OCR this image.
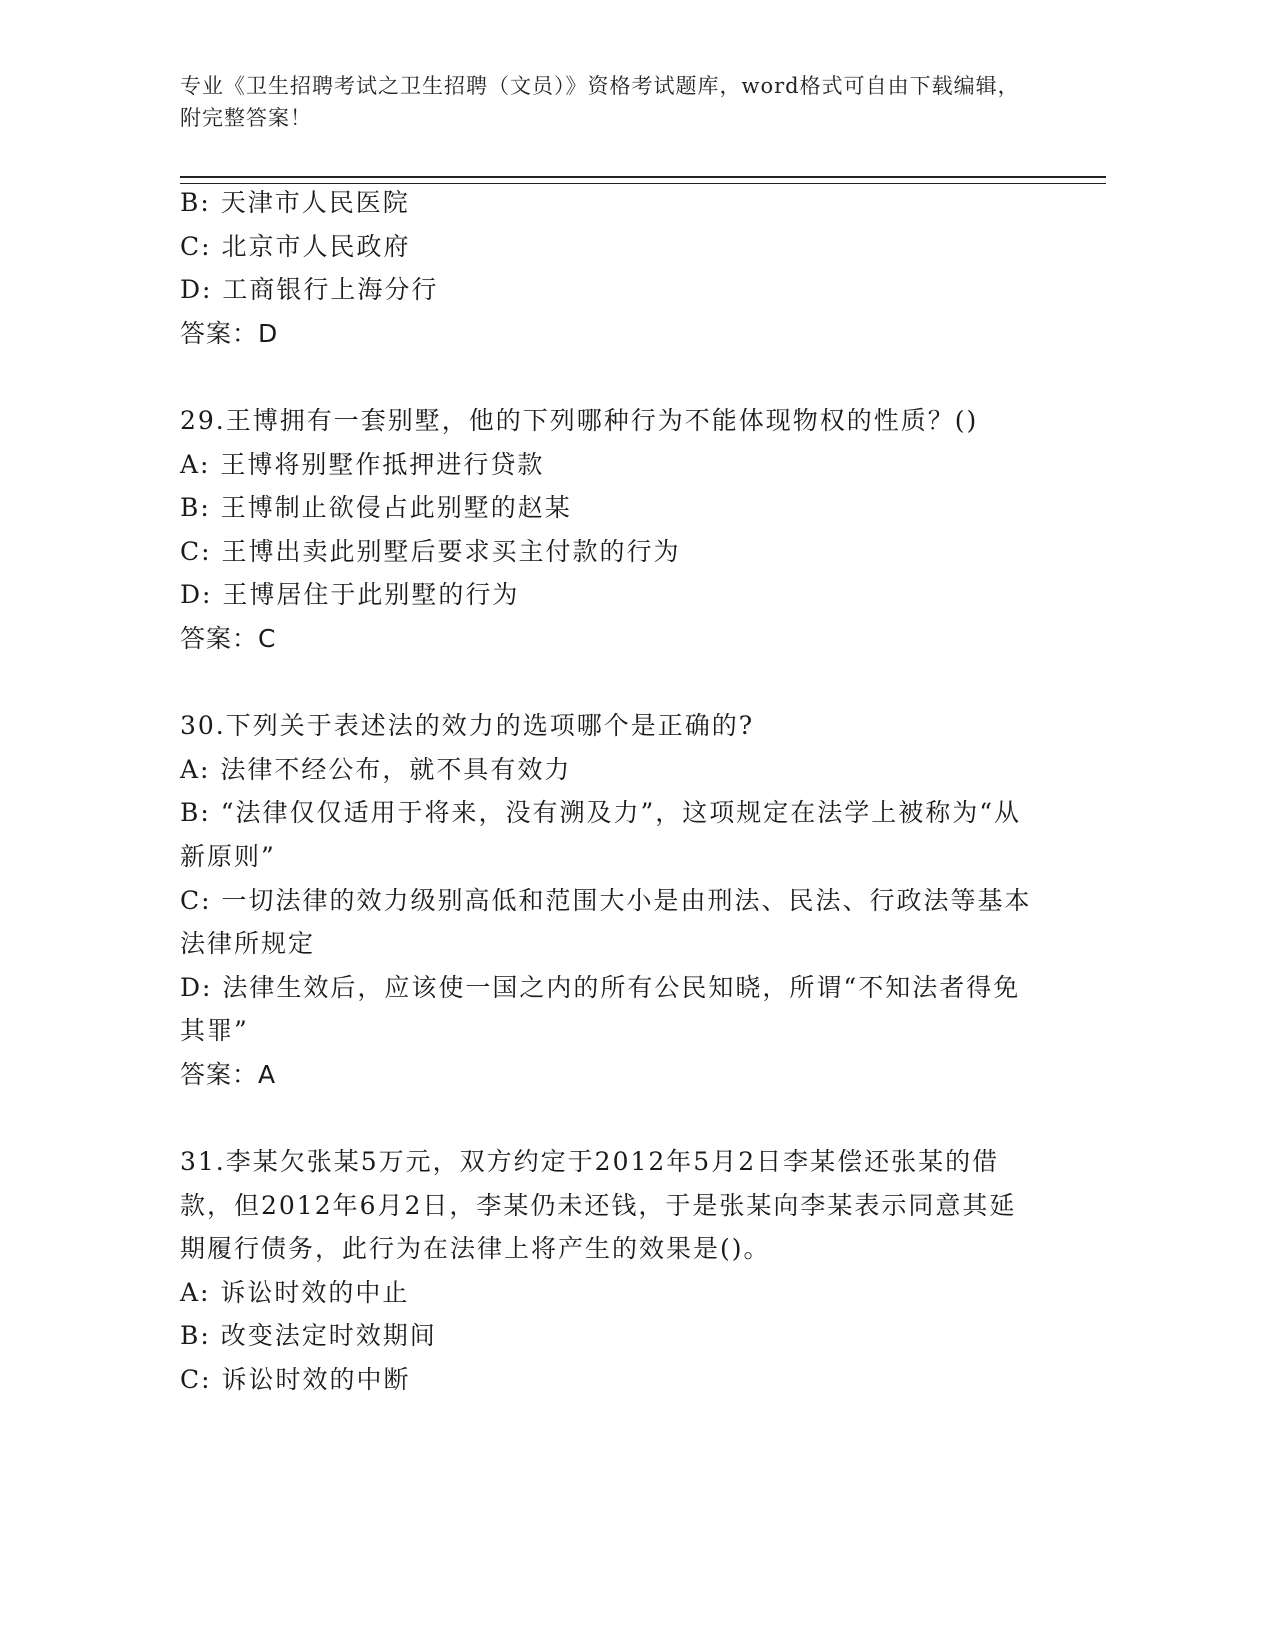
专业《卫生招聘考试之卫生招聘（文员）》资格考试题库，word格式可自由下载编辑，附完整答案！
B: 天津市人民医院
C: 北京市人民政府
D: 工商银行上海分行
答案：D
29.王博拥有一套别墅，他的下列哪种行为不能体现物权的性质？()
A: 王博将别墅作抵押进行贷款
B: 王博制止欲侵占此别墅的赵某
C: 王博出卖此别墅后要求买主付款的行为
D: 王博居住于此别墅的行为
答案：C
30.下列关于表述法的效力的选项哪个是正确的?
A: 法律不经公布，就不具有效力
B: “法律仅仅适用于将来，没有溯及力”，这项规定在法学上被称为“从新原则”
C: 一切法律的效力级别高低和范围大小是由刑法、民法、行政法等基本法律所规定
D: 法律生效后，应该使一国之内的所有公民知晓，所谓“不知法者得免其罪”
答案：A
31.李某欠张某5万元，双方约定于2012年5月2日李某偿还张某的借款，但2012年6月2日，李某仍未还钱，于是张某向李某表示同意其延期履行债务，此行为在法律上将产生的效果是()。
A: 诉讼时效的中止
B: 改变法定时效期间
C: 诉讼时效的中断
